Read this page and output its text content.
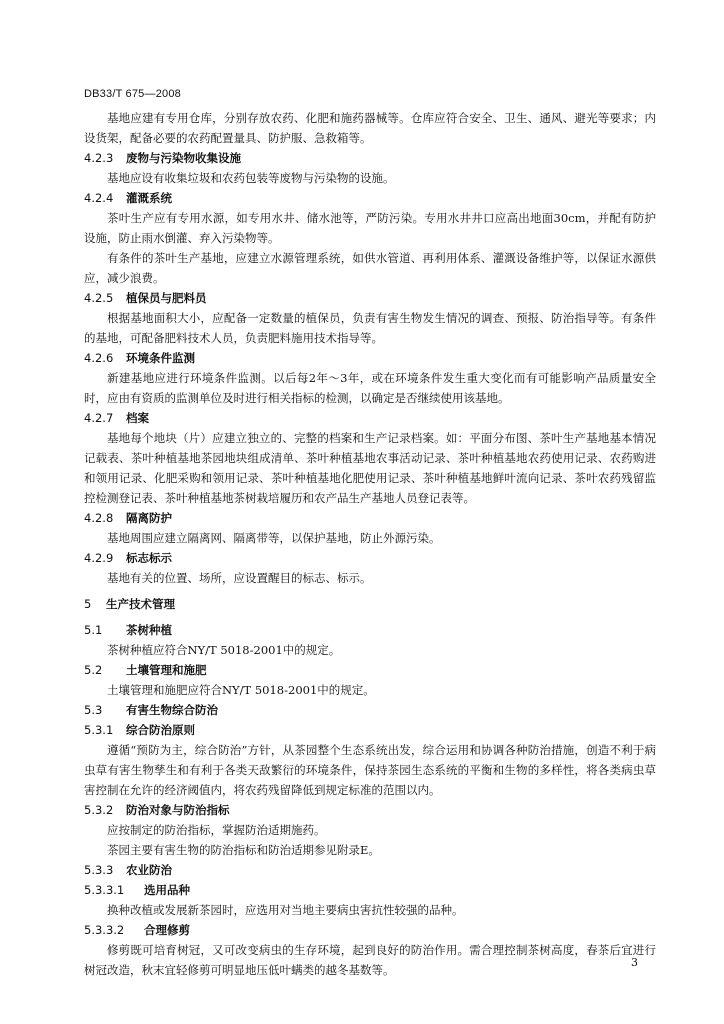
DB33/T 675—2008

基地应建有专用仓库，分别存放农药、化肥和施药器械等。仓库应符合安全、卫生、通风、避光等要求；内设货架，配备必要的农药配置量具、防护服、急救箱等。

4.2.3 废物与污染物收集设施

基地应设有收集垃圾和农药包装等废物与污染物的设施。

4.2.4 灌溉系统

茶叶生产应有专用水源，如专用水井、储水池等，严防污染。专用水井井口应高出地面30cm，并配有防护设施，防止雨水倒灌、弃入污染物等。

有条件的茶叶生产基地，应建立水源管理系统，如供水管道、再利用体系、灌溉设备维护等，以保证水源供应，减少浪费。

4.2.5 植保员与肥料员

根据基地面积大小，应配备一定数量的植保员，负责有害生物发生情况的调查、预报、防治指导等。有条件的基地，可配备肥料技术人员，负责肥料施用技术指导等。

4.2.6 环境条件监测

新建基地应进行环境条件监测。以后每2年～3年，或在环境条件发生重大变化而有可能影响产品质量安全时，应由有资质的监测单位及时进行相关指标的检测，以确定是否继续使用该基地。

4.2.7 档案

基地每个地块（片）应建立独立的、完整的档案和生产记录档案。如：平面分布图、茶叶生产基地基本情况记载表、茶叶种植基地茶园地块组成清单、茶叶种植基地农事活动记录、茶叶种植基地农药使用记录、农药购进和领用记录、化肥采购和领用记录、茶叶种植基地化肥使用记录、茶叶种植基地鲜叶流向记录、茶叶农药残留监控检测登记表、茶叶种植基地茶树栽培履历和农产品生产基地人员登记表等。

4.2.8 隔离防护

基地周围应建立隔离网、隔离带等，以保护基地，防止外源污染。

4.2.9 标志标示

基地有关的位置、场所，应设置醒目的标志、标示。

5 生产技术管理
5.1 茶树种植

茶树种植应符合NY/T 5018-2001中的规定。

5.2 土壤管理和施肥

土壤管理和施肥应符合NY/T 5018-2001中的规定。

5.3 有害生物综合防治
5.3.1 综合防治原则

遵循“预防为主，综合防治”方针，从茶园整个生态系统出发，综合运用和协调各种防治措施，创造不利于病虫草有害生物孳生和有利于各类天敌繁衍的环境条件，保持茶园生态系统的平衡和生物的多样性，将各类病虫草害控制在允许的经济阈值内，将农药残留降低到规定标准的范围以内。

5.3.2 防治对象与防治指标

应按制定的防治指标，掌握防治适期施药。

茶园主要有害生物的防治指标和防治适期参见附录E。

5.3.3 农业防治
5.3.3.1 选用品种

换种改植或发展新茶园时，应选用对当地主要病虫害抗性较强的品种。

5.3.3.2 合理修剪

修剪既可培育树冠，又可改变病虫的生存环境，起到良好的防治作用。需合理控制茶树高度，春茶后宜进行树冠改造，秋末宜轻修剪可明显地压低叶螨类的越冬基数等。

3
